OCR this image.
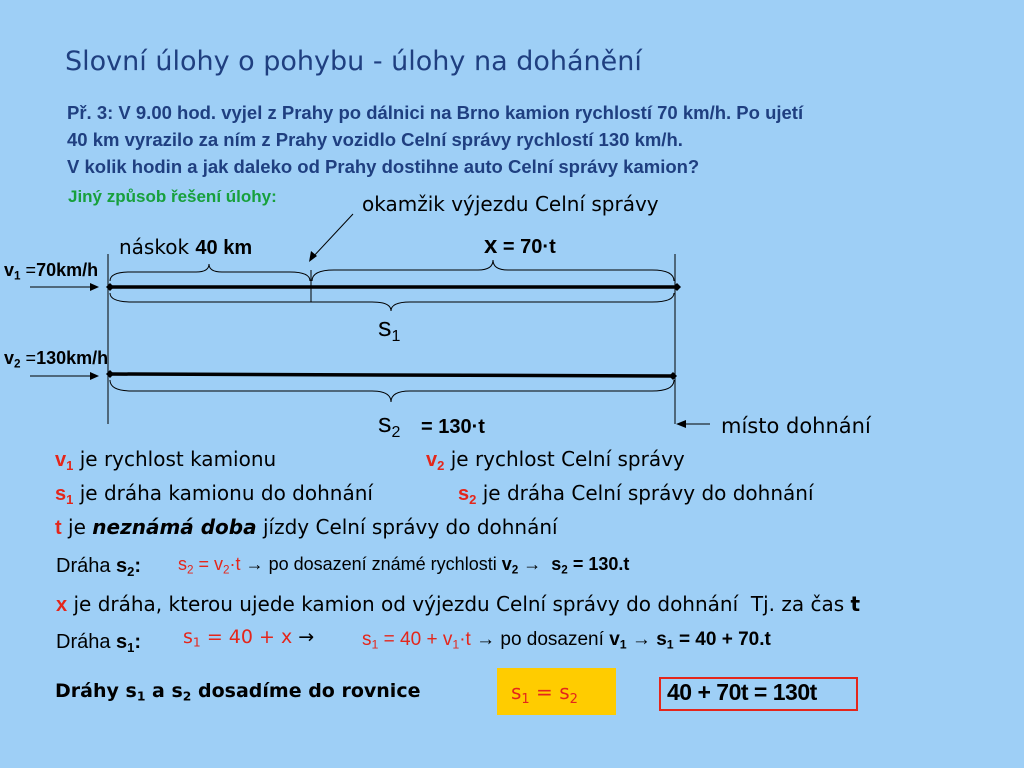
Slovní úlohy o pohybu - úlohy na dohánění
Př. 3: V 9.00 hod. vyjel z Prahy po dálnici na Brno kamion rychlostí 70 km/h. Po ujetí
40 km vyrazilo za ním z Prahy vozidlo Celní správy rychlostí 130 km/h.
V kolik hodin a jak daleko od Prahy dostihne auto Celní správy kamion?
Jiný způsob řešení úlohy:	okamžik výjezdu Celní správy
náskok 40 km	x = 70·t
$v_1 =70km/h$
$v_2 =130km/h$
$s_1$
$s_2 = 130\cdot t$	místo dohnání
$v_1$ je rychlost kamionu	$v_2$ je rychlost Celní správy
$s_1$ je dráha kamionu do dohnání	$s_2$ je dráha Celní správy do dohnání
t je neznámá doba jízdy Celní správy do dohnání
Dráha $s_2$: $s_2 = v_2\cdot t$ → po dosazení známé rychlosti $v_2 \to s_2 = 130.t$
x je dráha, kterou ujede kamion od výjezdu Celní správy do dohnání Tj. za čas t
Dráha $s_1$: $s_1 = 40 + x$ →	$s_1 = 40 + v_1\cdot t$ → po dosazení $v_1 \to s_1 = 40 + 70.t$
Dráhy $s_1$ a $s_2$ dosadíme do rovnice	$s_1 = s_2$	40 + 70t = 130t
